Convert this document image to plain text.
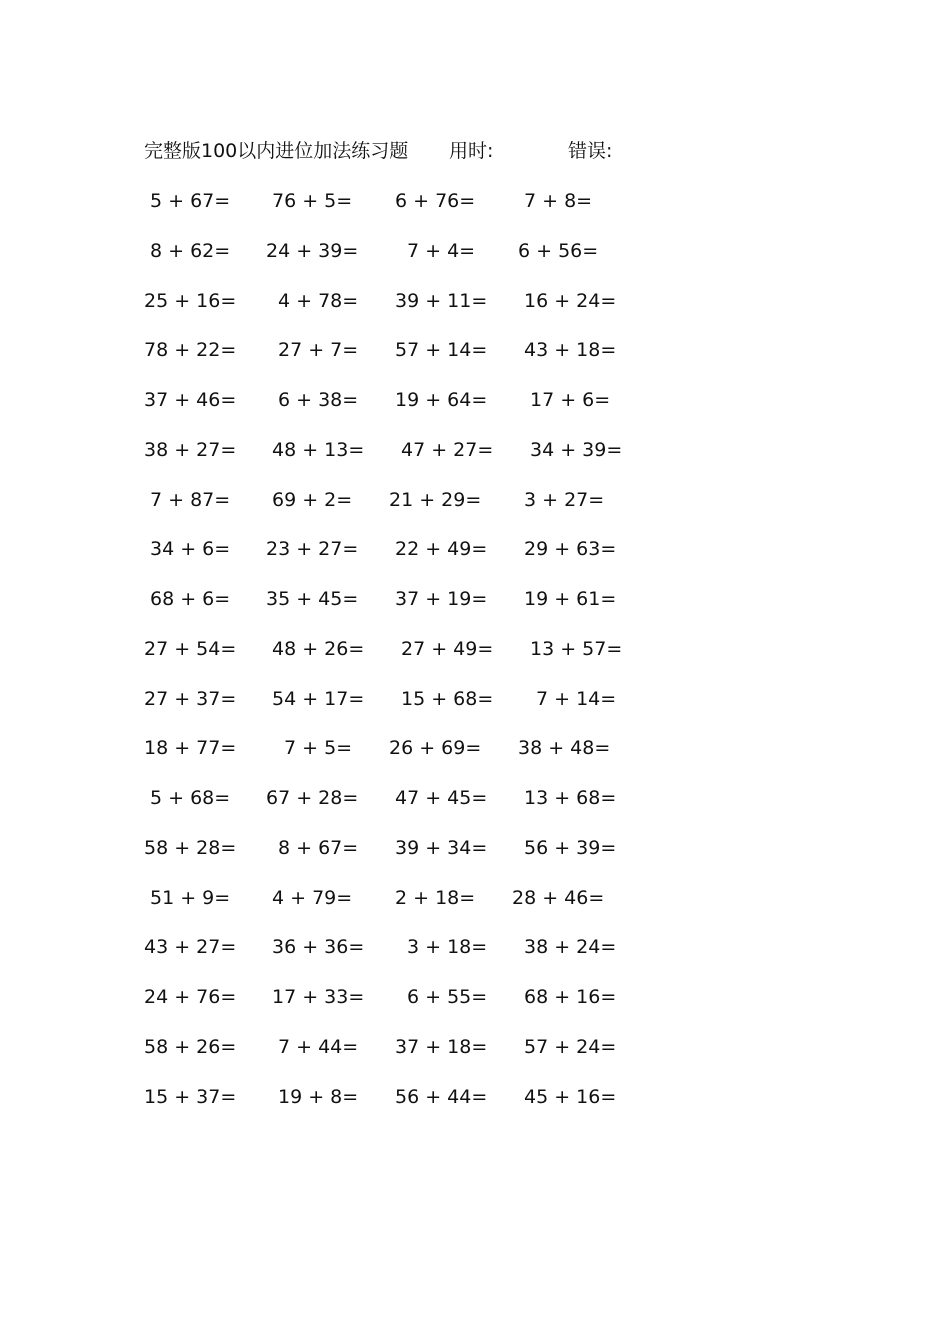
完整版100以内进位加法练习题 用时:	错误:
5 + 67= 76 + 5= 6 + 76=	7 + 8=
8 + 62= 24 + 39=	7 + 4= 6 + 56=
25 + 16= 4 + 78= 39 + 11= 16 + 24=
78 + 22= 27 + 7= 57 + 14= 43 + 18=
37 + 46= 6 + 38= 19 + 64= 17 + 6=
38 + 27= 48 + 13= 47 + 27= 34 + 39=
7 + 87= 69 + 2= 21 + 29= 3 + 27=
34 + 6= 23 + 27= 22 + 49= 29 + 63=
68 + 6= 35 + 45= 37 + 19= 19 + 61=
27 + 54= 48 + 26= 27 + 49= 13 + 57=
27 + 37= 54 + 17= 15 + 68= 7 + 14=
18 + 77=	7 + 5= 26 + 69= 38 + 48=
5 + 68= 67 + 28= 47 + 45= 13 + 68=
58 + 28= 8 + 67= 39 + 34= 56 + 39=
51 + 9= 4 + 79= 2 + 18= 28 + 46=
43 + 27= 36 + 36= 3 + 18= 38 + 24=
24 + 76= 17 + 33= 6 + 55= 68 + 16=
58 + 26= 7 + 44= 37 + 18= 57 + 24=
15 + 37= 19 + 8= 56 + 44= 45 + 16=
